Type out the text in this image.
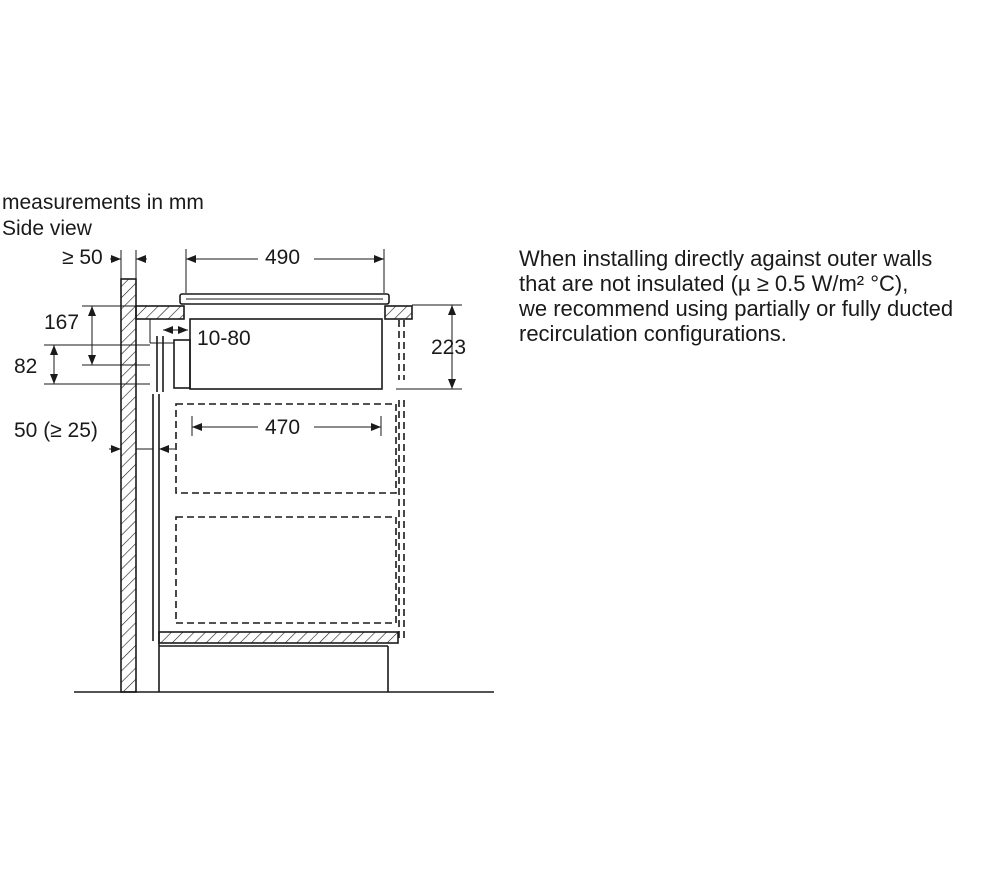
measurements in mm
Side view
≥ 50	490
167
10-80
82
223
470
50 (≥ 25)

When installing directly against outer walls

that are not insulated (µ ≥ 0.5 W/m² °C),

we recommend using partially or fully ducted

recirculation configurations.
